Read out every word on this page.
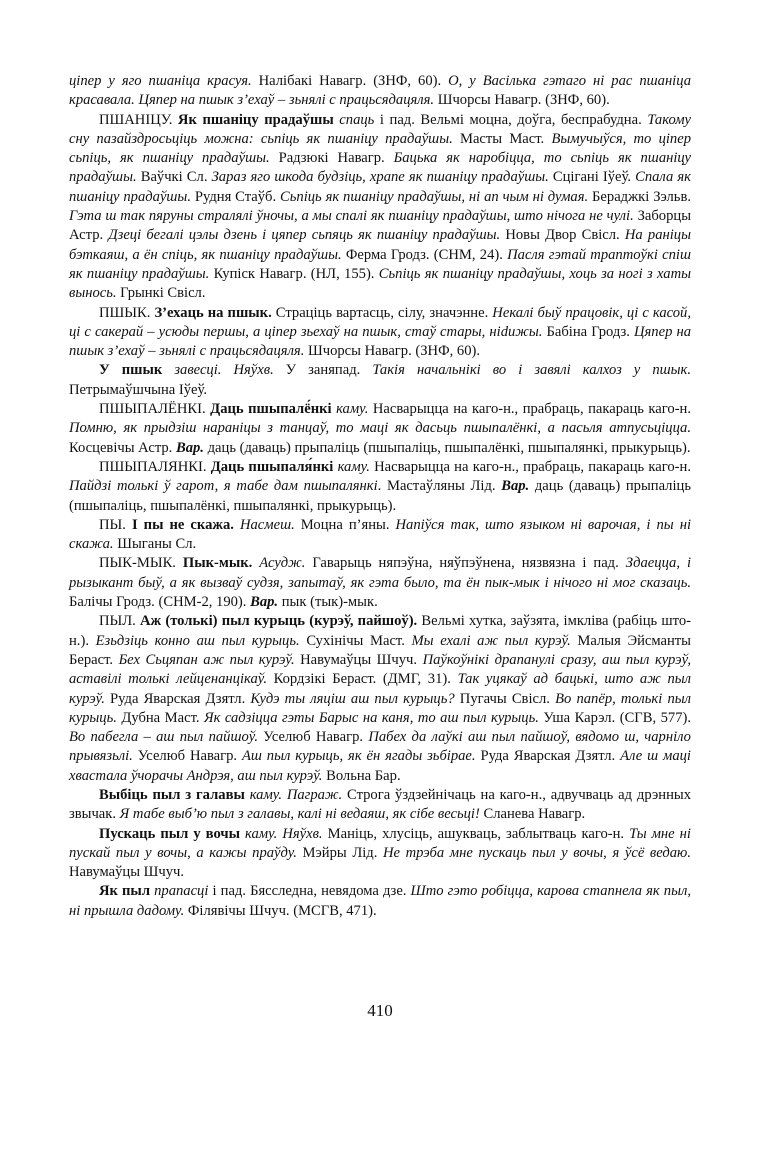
ціпер у яго пшаніца красуя. Налібакі Навагр. (ЗНФ, 60). О, у Васілька гэтаго ні рас пшаніца красавала. Цяпер на пшык з’ехаў – зьнялі с працьсядацяля. Шчорсы Навагр. (ЗНФ, 60).

ПШАНІЦУ. Як пшаніцу прадаўшы спаць і пад. Вельмі моцна, доўга, беспрабудна. Такому сну пазайздросьціць можна: сьпіць як пшаніцу прадаўшы. Масты Маст. Вымучыўся, то ціпер сьпіць, як пшаніцу прадаўшы. Радзюкі Навагр. Бацька як наробіцца, то сьпіць як пшаніцу прадаўшы. Ваўчкі Сл. Зараз яго шкода будзіць, храпе як пшаніцу прадаўшы. Сцігані Іўеў. Спала як пшаніцу прадаўшы. Рудня Стаўб. Сьпіць як пшаніцу прадаўшы, ні ап чым ні думая. Бераджкі Зэльв. Гэта ш так пяруны стралялі ўночы, а мы спалі як пшаніцу прадаўшы, што нічога не чулі. Заборцы Астр. Дзеці бегалі цэлы дзень і цяпер сьпяць як пшаніцу прадаўшы. Новы Двор Свісл. На раніцы бэткаяш, а ён спіць, як пшаніцу прадаўшы. Ферма Гродз. (СНМ, 24). Пасля гэтай траптоўкі спіш як пшаніцу прадаўшы. Купіск Навагр. (НЛ, 155). Сьпіць як пшаніцу прадаўшы, хоць за ногі з хаты вынось. Грынкі Свісл.

ПШЫК. З’ехаць на пшык. Страціць вартасць, сілу, значэнне. Некалі быў працовік, ці с касой, ці с сакерай – усюды першы, а ціпер зьехаў на пшык, стаў стары, ніduжы. Бабіна Гродз. Цяпер на пшык з’ехаў – зьнялі с працьсядацяля. Шчорсы Навагр. (ЗНФ, 60).

У пшык завесці. Няўхв. У заняпад. Такія начальнікі во і завялі калхоз у пшык. Петрымаўшчына Іўеў.

ПШЫПАЛЁНКІ. Даць пшыпалё́нкі каму. Насварыцца на каго-н., прабраць, пакараць каго-н. Помню, як прыдзіш нараніцы з танцаў, то мацi як дасьць пшыпалёнкi, а пасьля атпусьціцца. Косцевічы Астр. Вар. даць (даваць) прыпаліць (пшыпаліць, пшыпалёнкі, пшыпалянкі, прыкурыць).

ПШЫПАЛЯНКІ. Даць пшыпаля́нкі каму. Насварыцца на каго-н., прабраць, пакараць каго-н. Пайдзі толькі ў гарот, я табе дам пшыпалянкі. Мастаўляны Лід. Вар. даць (даваць) прыпаліць (пшыпаліць, пшыпалёнкі, пшыпалянкі, прыкурыць).

ПЫ. І пы не скажа. Насмеш. Моцна п’яны. Напіўся так, што языком ні варочая, і пы ні скажа. Шыганы Сл.

ПЫК-МЫК. Пык-мык. Асудж. Гаварыць няпэўна, няўпэўнена, нязвязна і пад. Здаецца, і рызыкант быў, а як вызваў судзя, запытаў, як гэта было, та ён пык-мык і нічого ні мог сказаць. Балічы Гродз. (СНМ-2, 190). Вар. пык (тык)-мык.

ПЫЛ. Аж (толькі) пыл курыць (курэў, пайшоў). Вельмі хутка, заўзята, імкліва (рабіць што-н.). Езьдзіць конно аш пыл курыць. Сухінічы Маст. Мы ехалі аж пыл курэў. Малыя Эйсманты Бераст. Бех Сьцяпан аж пыл курэў. Навумаўцы Шчуч. Паўкоўнікі драпанулі сразу, аш пыл курэў, аставілі толькі лейценанцікаў. Кордзікі Бераст. (ДМГ, 31). Так уцякаў ад бацькі, што аж пыл курэў. Руда Яварская Дзятл. Кудэ ты ляціш аш пыл курыць? Пугачы Свісл. Во папёр, толькі пыл курыць. Дубна Маст. Як садзіцца гэты Барыс на каня, то аш пыл курыць. Уша Карэл. (СГВ, 577). Во пабегла – аш пыл пайшоў. Уселюб Навагр. Пабех да лаўкі аш пыл пайшоў, вядомо ш, чарніло прывязьлі. Уселюб Навагр. Аш пыл курыць, як ён ягады зьбірае. Руда Яварская Дзятл. Але ш мацi хвастала ўчорачы Андрэя, аш пыл курэў. Вольна Бар.

Выбіць пыл з галавы каму. Паграж. Строга ўздзейнічаць на каго-н., адвучваць ад дрэнных звычак. Я табе выб’ю пыл з галавы, калі ні ведаяш, як сібе весьці! Сланева Навагр.

Пускаць пыл у вочы каму. Няўхв. Маніць, хлусіць, ашукваць, заблытваць каго-н. Ты мне ні пускай пыл у вочы, а кажы праўду. Мэйры Лід. Не трэба мне пускаць пыл у вочы, я ўсё ведаю. Навумаўцы Шчуч.

Як пыл прапасці і пад. Бясследна, невядома дзе. Што гэто робіцца, карова стапнела як пыл, ні прышла дадому. Філявічы Шчуч. (МСГВ, 471).

410
